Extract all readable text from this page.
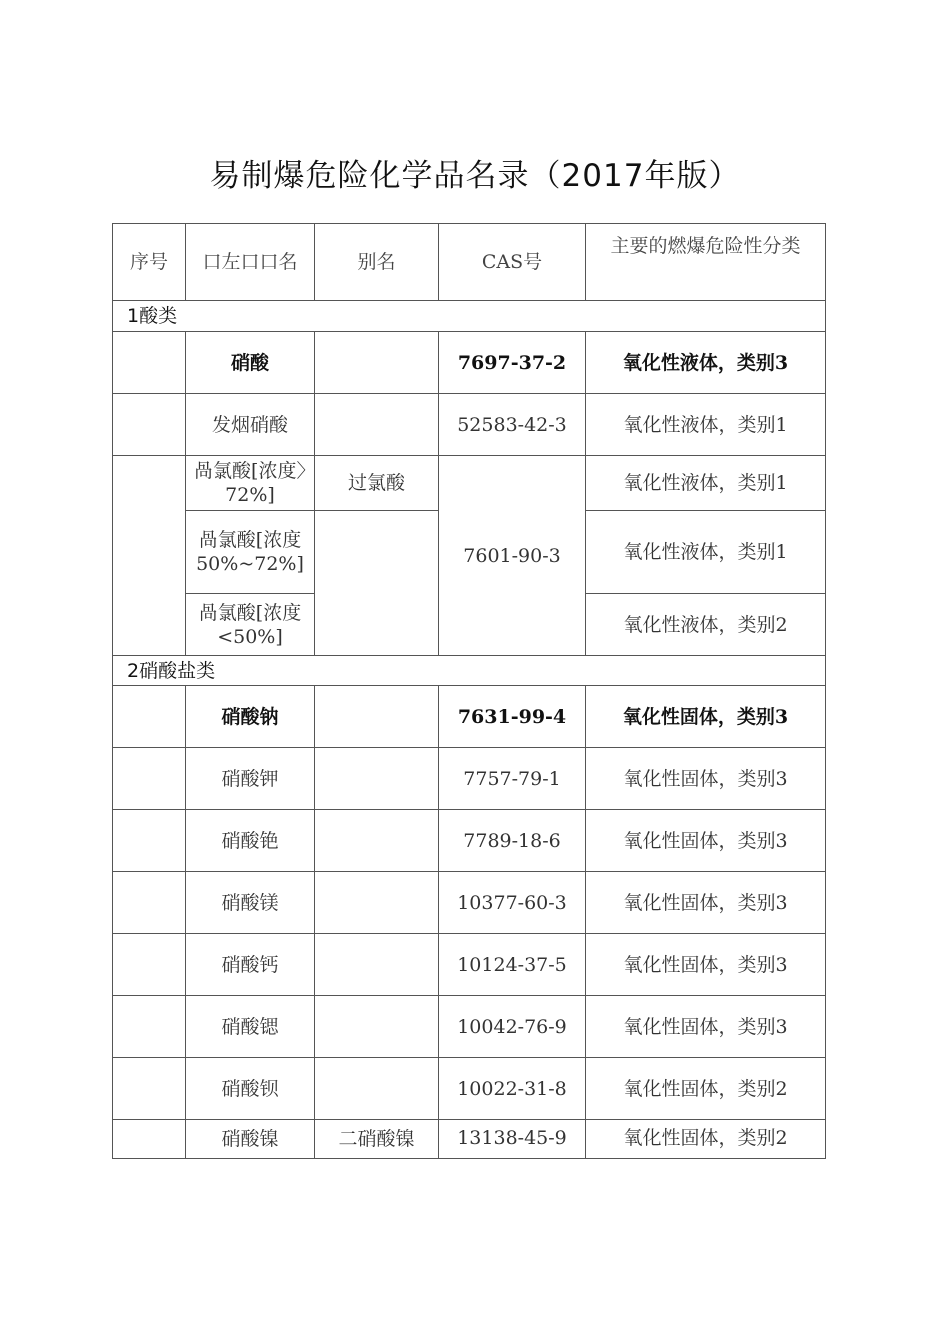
易制爆危险化学品名录（2017年版）
序号	口左口口名	别名	CAS号	主要的燃爆危险性分类
1酸类				
	硝酸		7697-37-2	氧化性液体，类别3
	发烟硝酸		52583-42-3	氧化性液体，类别1
	咼氯酸[浓度〉72%]	过氯酸	7601-90-3	氧化性液体，类别1
	咼氯酸[浓度50%~72%]			氧化性液体，类别1
	咼氯酸[浓度<50%]			氧化性液体，类别2
2硝酸盐类				
	硝酸钠		7631-99-4	氧化性固体，类别3
	硝酸钾		7757-79-1	氧化性固体，类别3
	硝酸铯		7789-18-6	氧化性固体，类别3
	硝酸镁		10377-60-3	氧化性固体，类别3
	硝酸钙		10124-37-5	氧化性固体，类别3
	硝酸锶		10042-76-9	氧化性固体，类别3
	硝酸钡		10022-31-8	氧化性固体，类别2
	硝酸镍	二硝酸镍	13138-45-9	氧化性固体，类别2
